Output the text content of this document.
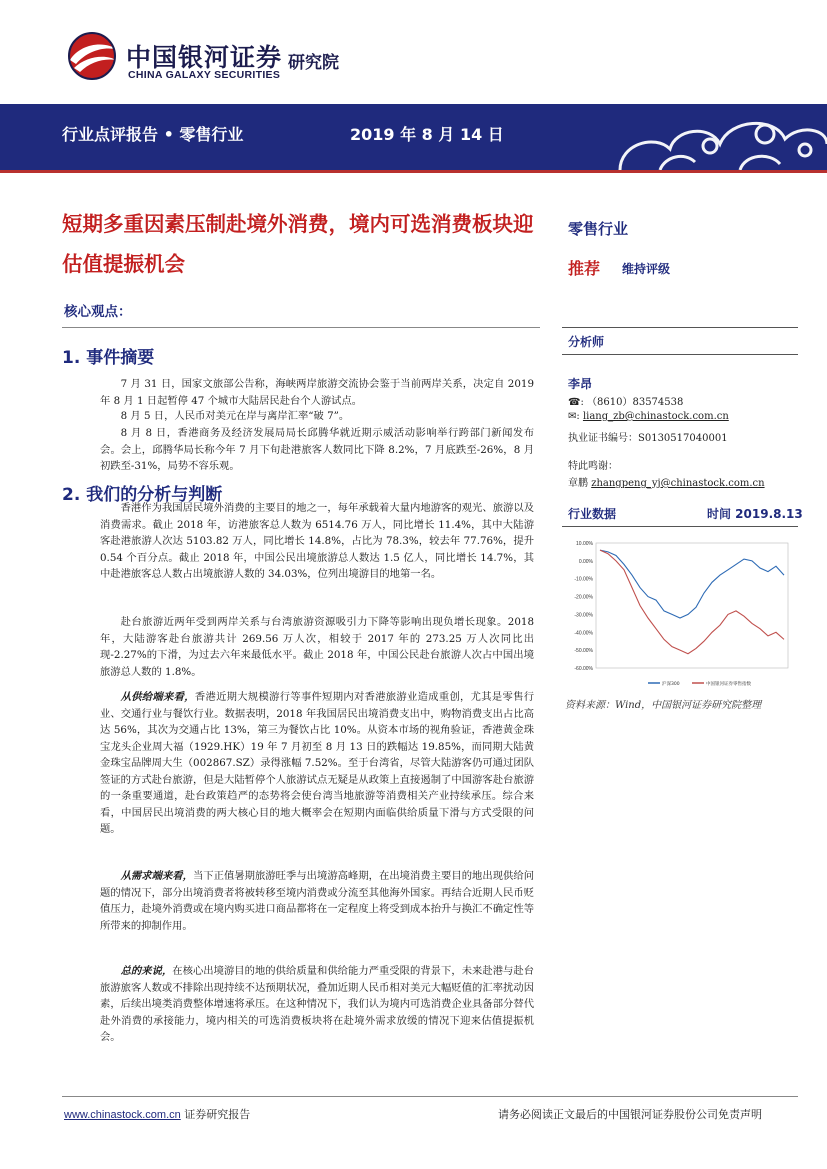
中国银河证券
CHINA GALAXY SECURITIES
研究院
行业点评报告 • 零售行业	2019 年 8 月 14 日
短期多重因素压制赴境外消费，境内可选消费板块迎估值提振机会
核心观点：
零售行业
推荐 维持评级
分析师
李昂
☎: （8610）83574538
✉: liang_zb@chinastock.com.cn
执业证书编号：S0130517040001
特此鸣谢：
章鹏 zhangpeng_yj@chinastock.com.cn
行业数据	时间 2019.8.13
10.00%
0.00%
-10.00%
-20.00%
-30.00%
-40.00%
-50.00%
-60.00%
沪深300	中国银河证券零售指数
资料来源：Wind，中国银河证券研究院整理
1. 事件摘要
7 月 31 日，国家文旅部公告称，海峡两岸旅游交流协会鉴于当前两岸关系，决定自 2019 年 8 月 1 日起暂停 47 个城市大陆居民赴台个人游试点。
8 月 5 日，人民币对美元在岸与离岸汇率“破 7”。
8 月 8 日，香港商务及经济发展局局长邱腾华就近期示威活动影响举行跨部门新闻发布会。会上，邱腾华局长称今年 7 月下旬赴港旅客人数同比下降 8.2%，7 月底跌至-26%，8 月初跌至-31%，局势不容乐观。
2. 我们的分析与判断
香港作为我国居民境外消费的主要目的地之一，每年承载着大量内地游客的观光、旅游以及消费需求。截止 2018 年，访港旅客总人数为 6514.76 万人，同比增长 11.4%，其中大陆游客赴港旅游人次达 5103.82 万人，同比增长 14.8%，占比为 78.3%，较去年 77.76%，提升 0.54 个百分点。截止 2018 年，中国公民出境旅游总人数达 1.5 亿人，同比增长 14.7%，其中赴港旅客总人数占出境旅游人数的 34.03%，位列出境游目的地第一名。
赴台旅游近两年受到两岸关系与台湾旅游资源吸引力下降等影响出现负增长现象。2018 年，大陆游客赴台旅游共计 269.56 万人次，相较于 2017 年的 273.25 万人次同比出现-2.27%的下滑，为过去六年来最低水平。截止 2018 年，中国公民赴台旅游人次占中国出境旅游总人数的 1.8%。
从供给端来看，香港近期大规模游行等事件短期内对香港旅游业造成重创，尤其是零售行业、交通行业与餐饮行业。数据表明，2018 年我国居民出境消费支出中，购物消费支出占比高达 56%，其次为交通占比 13%，第三为餐饮占比 10%。从资本市场的视角验证，香港黄金珠宝龙头企业周大福（1929.HK）19 年 7 月初至 8 月 13 日的跌幅达 19.85%，而同期大陆黄金珠宝品牌周大生（002867.SZ）录得涨幅 7.52%。至于台湾省，尽管大陆游客仍可通过团队签证的方式赴台旅游，但是大陆暂停个人旅游试点无疑是从政策上直接遏制了中国游客赴台旅游的一条重要通道，赴台政策趋严的态势将会使台湾当地旅游等消费相关产业持续承压。综合来看，中国居民出境消费的两大核心目的地大概率会在短期内面临供给质量下滑与方式受限的问题。
从需求端来看，当下正值暑期旅游旺季与出境游高峰期，在出境消费主要目的地出现供给问题的情况下，部分出境消费者将被转移至境内消费或分流至其他海外国家。再结合近期人民币贬值压力，赴境外消费或在境内购买进口商品都将在一定程度上将受到成本抬升与换汇不确定性等所带来的抑制作用。
总的来说，在核心出境游目的地的供给质量和供给能力严重受限的背景下，未来赴港与赴台旅游旅客人数或不排除出现持续不达预期状况，叠加近期人民币相对美元大幅贬值的汇率扰动因素，后续出境类消费整体增速将承压。在这种情况下，我们认为境内可选消费企业具备部分替代赴外消费的承接能力，境内相关的可选消费板块将在赴境外需求放缓的情况下迎来估值提振机会。
www.chinastock.com.cn 证券研究报告	请务必阅读正文最后的中国银河证券股份公司免责声明
